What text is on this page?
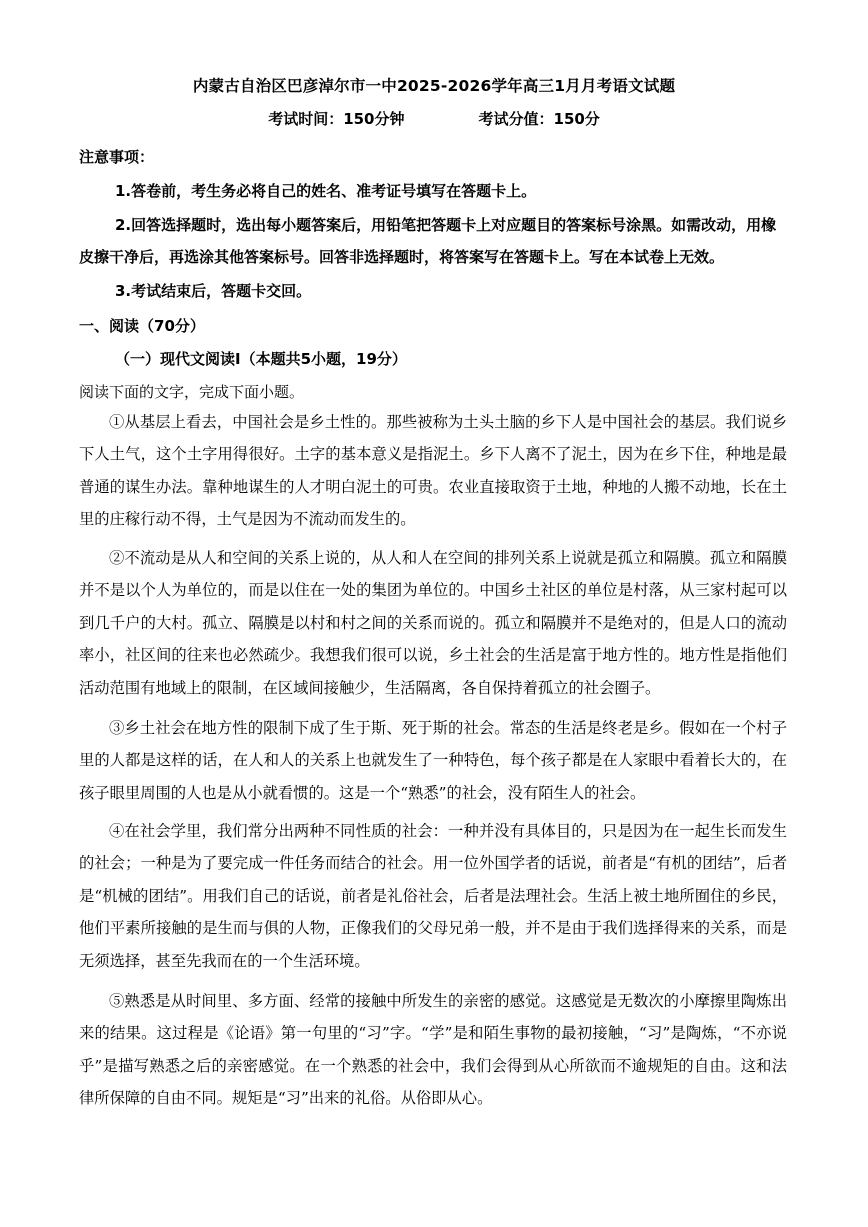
内蒙古自治区巴彦淖尔市一中2025-2026学年高三1月月考语文试题
考试时间：150分钟	考试分值：150分
注意事项：
1.答卷前，考生务必将自己的姓名、准考证号填写在答题卡上。
2.回答选择题时，选出每小题答案后，用铅笔把答题卡上对应题目的答案标号涂黑。如需改动，用橡
皮擦干净后，再选涂其他答案标号。回答非选择题时，将答案写在答题卡上。写在本试卷上无效。
3.考试结束后，答题卡交回。
一、阅读（70分）
（一）现代文阅读Ⅰ（本题共5小题，19分）
阅读下面的文字，完成下面小题。

①从基层上看去，中国社会是乡土性的。那些被称为土头土脑的乡下人是中国社会的基层。我们说乡下人土气，这个土字用得很好。土字的基本意义是指泥土。乡下人离不了泥土，因为在乡下住，种地是最普通的谋生办法。靠种地谋生的人才明白泥土的可贵。农业直接取资于土地，种地的人搬不动地，长在土里的庄稼行动不得，土气是因为不流动而发生的。

②不流动是从人和空间的关系上说的，从人和人在空间的排列关系上说就是孤立和隔膜。孤立和隔膜并不是以个人为单位的，而是以住在一处的集团为单位的。中国乡土社区的单位是村落，从三家村起可以到几千户的大村。孤立、隔膜是以村和村之间的关系而说的。孤立和隔膜并不是绝对的，但是人口的流动率小，社区间的往来也必然疏少。我想我们很可以说，乡土社会的生活是富于地方性的。地方性是指他们活动范围有地域上的限制，在区域间接触少，生活隔离，各自保持着孤立的社会圈子。

③乡土社会在地方性的限制下成了生于斯、死于斯的社会。常态的生活是终老是乡。假如在一个村子里的人都是这样的话，在人和人的关系上也就发生了一种特色，每个孩子都是在人家眼中看着长大的，在孩子眼里周围的人也是从小就看惯的。这是一个“熟悉”的社会，没有陌生人的社会。

④在社会学里，我们常分出两种不同性质的社会：一种并没有具体目的，只是因为在一起生长而发生的社会；一种是为了要完成一件任务而结合的社会。用一位外国学者的话说，前者是“有机的团结”，后者是“机械的团结”。用我们自己的话说，前者是礼俗社会，后者是法理社会。生活上被土地所囿住的乡民，他们平素所接触的是生而与俱的人物，正像我们的父母兄弟一般，并不是由于我们选择得来的关系，而是无须选择，甚至先我而在的一个生活环境。

⑤熟悉是从时间里、多方面、经常的接触中所发生的亲密的感觉。这感觉是无数次的小摩擦里陶炼出来的结果。这过程是《论语》第一句里的“习”字。“学”是和陌生事物的最初接触，“习”是陶炼，“不亦说乎”是描写熟悉之后的亲密感觉。在一个熟悉的社会中，我们会得到从心所欲而不逾规矩的自由。这和法律所保障的自由不同。规矩是“习”出来的礼俗。从俗即从心。
